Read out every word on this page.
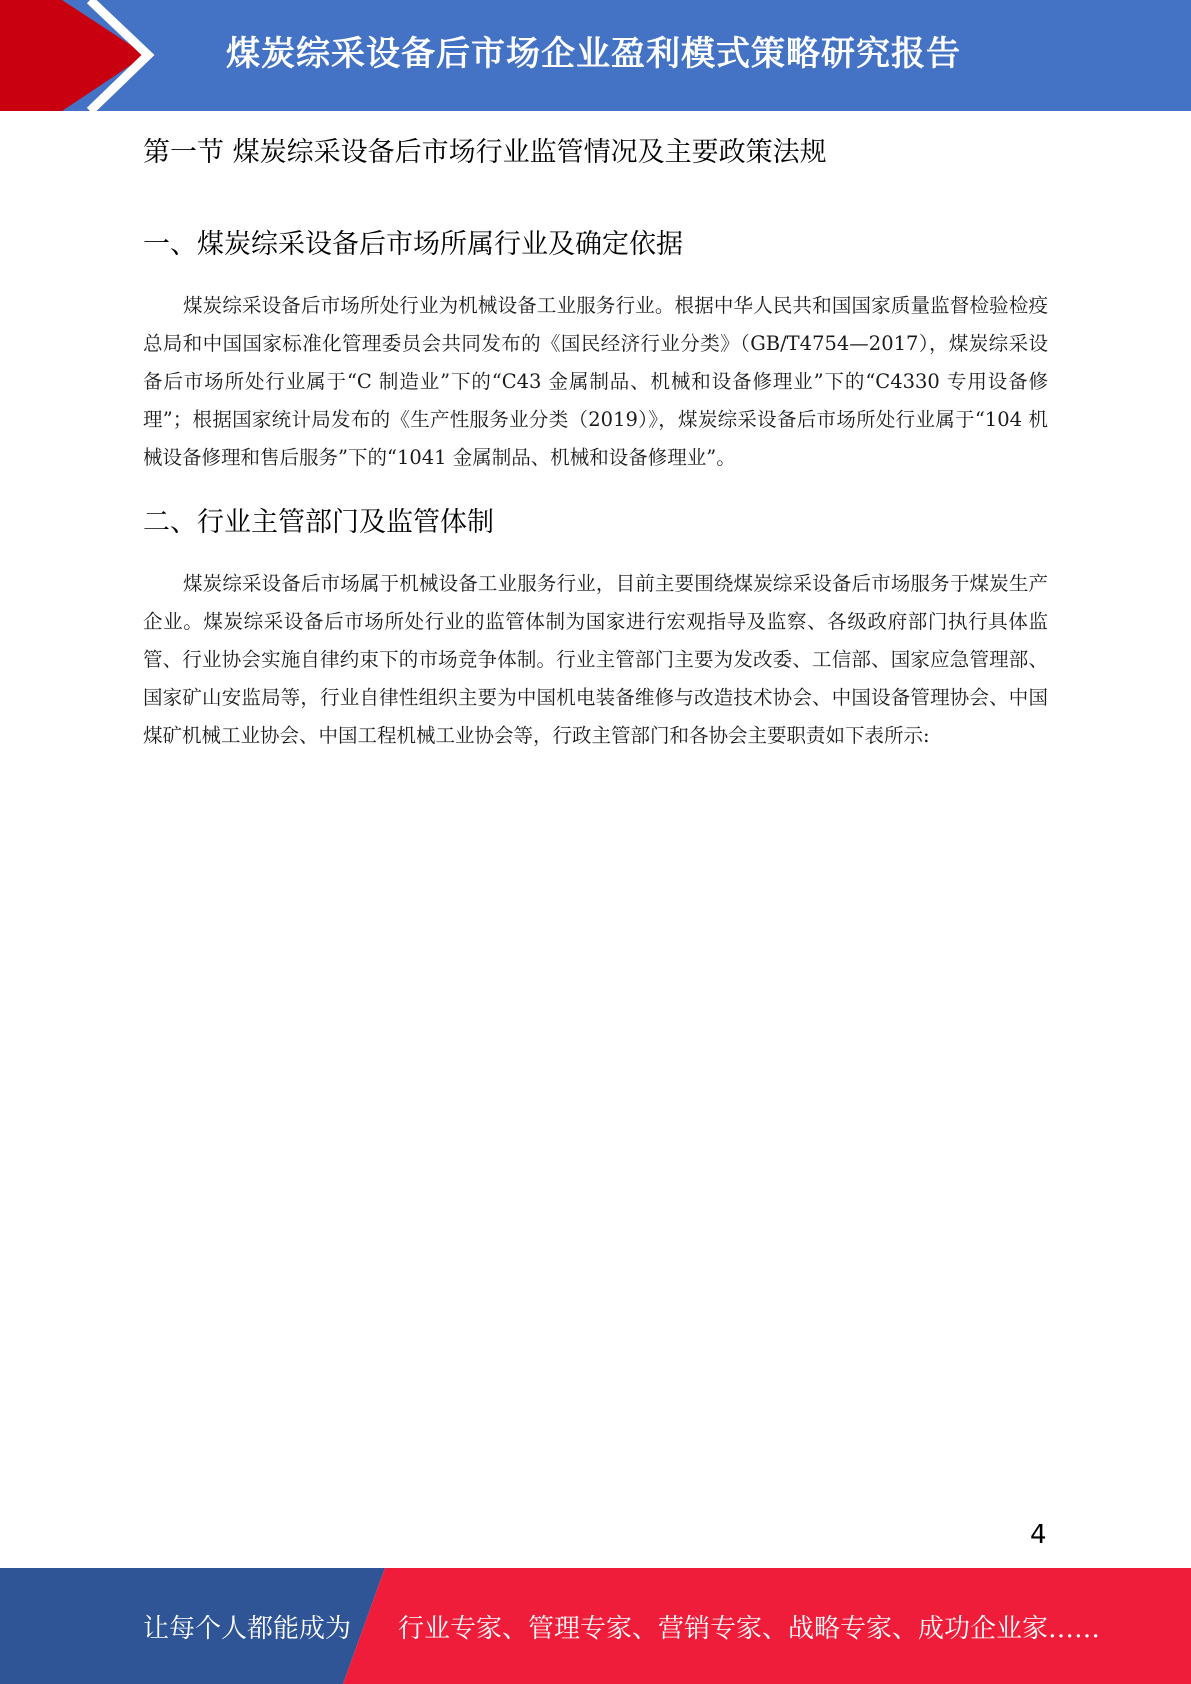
煤炭综采设备后市场企业盈利模式策略研究报告
第一节 煤炭综采设备后市场行业监管情况及主要政策法规
一、煤炭综采设备后市场所属行业及确定依据

煤炭综采设备后市场所处行业为机械设备工业服务行业。根据中华人民共和国国家质量监督检验检疫总局和中国国家标准化管理委员会共同发布的《国民经济行业分类》（GB/T4754—2017），煤炭综采设备后市场所处行业属于“C 制造业”下的“C43 金属制品、机械和设备修理业”下的“C4330 专用设备修理”；根据国家统计局发布的《生产性服务业分类（2019）》，煤炭综采设备后市场所处行业属于“104 机械设备修理和售后服务”下的“1041 金属制品、机械和设备修理业”。

二、行业主管部门及监管体制

煤炭综采设备后市场属于机械设备工业服务行业，目前主要围绕煤炭综采设备后市场服务于煤炭生产企业。煤炭综采设备后市场所处行业的监管体制为国家进行宏观指导及监察、各级政府部门执行具体监管、行业协会实施自律约束下的市场竞争体制。行业主管部门主要为发改委、工信部、国家应急管理部、国家矿山安监局等，行业自律性组织主要为中国机电装备维修与改造技术协会、中国设备管理协会、中国煤矿机械工业协会、中国工程机械工业协会等，行政主管部门和各协会主要职责如下表所示:

4
让每个人都能成为 行业专家、管理专家、营销专家、战略专家、成功企业家……
